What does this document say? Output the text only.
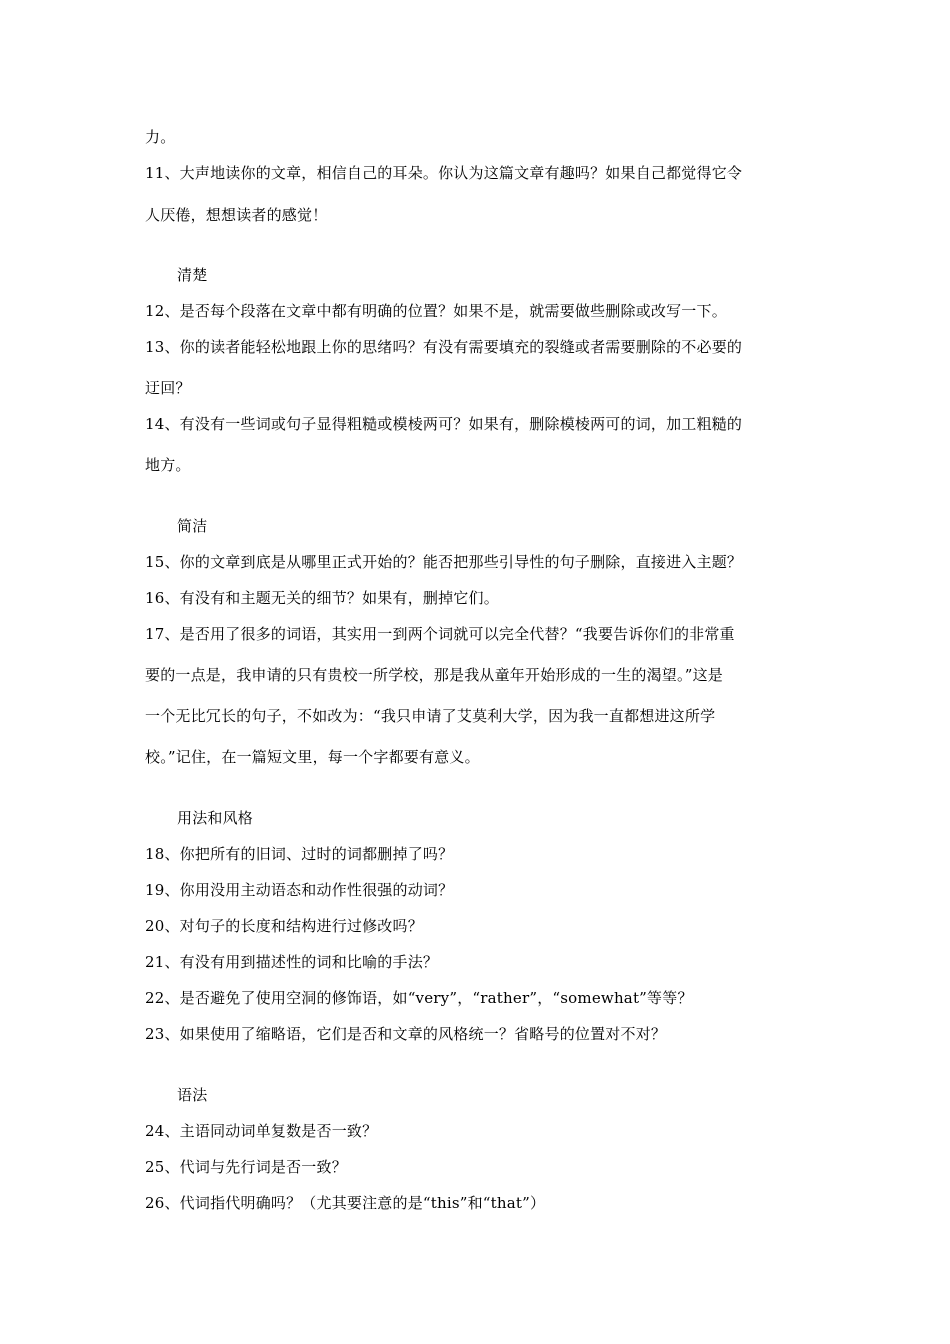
力。
11、大声地读你的文章，相信自己的耳朵。你认为这篇文章有趣吗？如果自己都觉得它令
人厌倦，想想读者的感觉！
清楚
12、是否每个段落在文章中都有明确的位置？如果不是，就需要做些删除或改写一下。
13、你的读者能轻松地跟上你的思绪吗？有没有需要填充的裂缝或者需要删除的不必要的
迂回？
14、有没有一些词或句子显得粗糙或模棱两可？如果有，删除模棱两可的词，加工粗糙的
地方。
简洁
15、你的文章到底是从哪里正式开始的？能否把那些引导性的句子删除，直接进入主题？
16、有没有和主题无关的细节？如果有，删掉它们。
17、是否用了很多的词语，其实用一到两个词就可以完全代替？“我要告诉你们的非常重
要的一点是，我申请的只有贵校一所学校，那是我从童年开始形成的一生的渴望。”这是
一个无比冗长的句子，不如改为：“我只申请了艾莫利大学，因为我一直都想进这所学
校。”记住，在一篇短文里，每一个字都要有意义。
用法和风格
18、你把所有的旧词、过时的词都删掉了吗？
19、你用没用主动语态和动作性很强的动词？
20、对句子的长度和结构进行过修改吗？
21、有没有用到描述性的词和比喻的手法？
22、是否避免了使用空洞的修饰语，如“very”，“rather”，“somewhat”等等？
23、如果使用了缩略语，它们是否和文章的风格统一？省略号的位置对不对？
语法
24、主语同动词单复数是否一致？
25、代词与先行词是否一致？
26、代词指代明确吗？（尤其要注意的是“this”和“that”）
